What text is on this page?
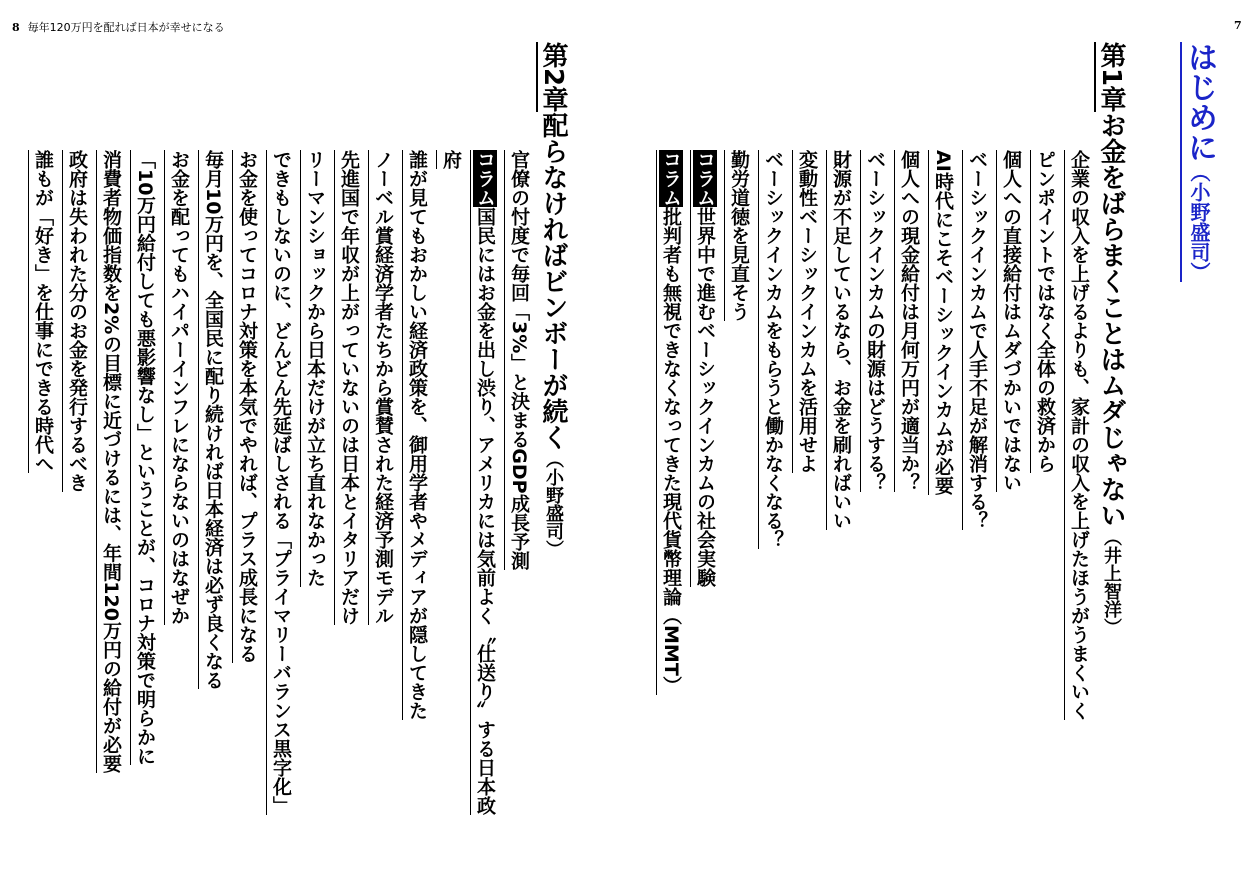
8 毎年120万円を配れば日本が幸せになる	7
はじめに（小野盛司）
第1章お金をばらまくことはムダじゃない（井上智洋）
企業の収入を上げるよりも、家計の収入を上げたほうがうまくいく
ピンポイントではなく全体の救済から
個人への直接給付はムダづかいではない
ベーシックインカムで人手不足が解消する？
AI時代にこそベーシックインカムが必要
個人への現金給付は月何万円が適当か？
ベーシックインカムの財源はどうする？
財源が不足しているなら、お金を刷ればいい
変動性ベーシックインカムを活用せよ
ベーシックインカムをもらうと働かなくなる？
勤労道徳を見直そう
コラム世界中で進むベーシックインカムの社会実験
コラム批判者も無視できなくなってきた現代貨幣理論（MMT）
第2章配らなければビンボーが続く（小野盛司）
官僚の忖度で毎回「3%」と決まるGDP成長予測
コラム国民にはお金を出し渋り、アメリカには気前よく〝仕送り〟する日本政
府
誰が見てもおかしい経済政策を、御用学者やメディアが隠してきた
ノーベル賞経済学者たちから賞賛された経済予測モデル
先進国で年収が上がっていないのは日本とイタリアだけ
リーマンショックから日本だけが立ち直れなかった
できもしないのに、どんどん先延ばしされる「プライマリーバランス黒字化」
お金を使ってコロナ対策を本気でやれば、プラス成長になる
毎月10万円を、全国民に配り続ければ日本経済は必ず良くなる
お金を配ってもハイパーインフレにならないのはなぜか
「10万円給付しても悪影響なし」ということが、コロナ対策で明らかに
消費者物価指数を2%の目標に近づけるには、年間120万円の給付が必要
政府は失われた分のお金を発行するべき
誰もが「好き」を仕事にできる時代へ
